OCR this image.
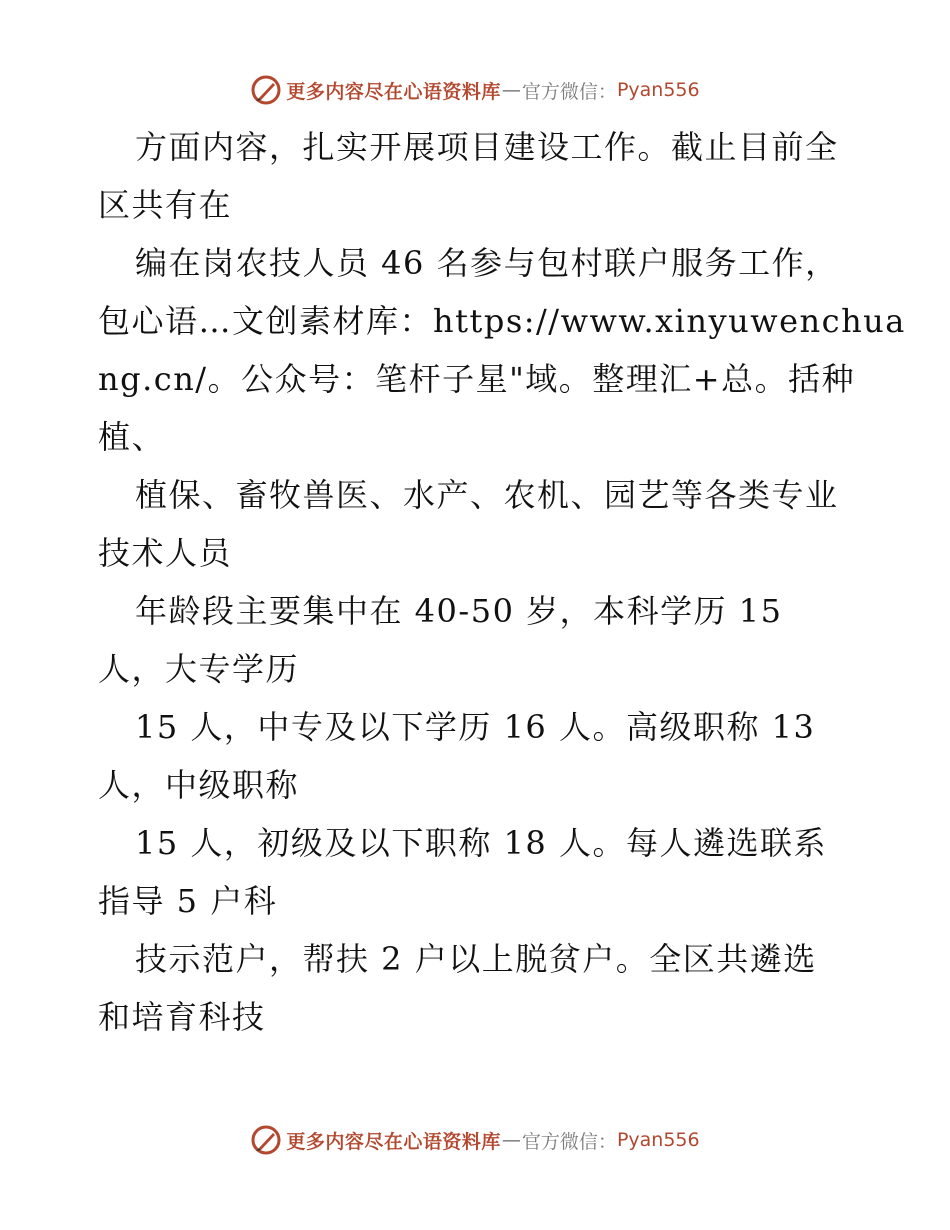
更多内容尽在心语资料库 — 官方微信： Pyan556
方面内容，扎实开展项目建设工作。截止目前全
区共有在
编在岗农技人员 46 名参与包村联户服务工作，
包心语…文创素材库：https://www.xinyuwenchua
ng.cn/。公众号：笔杆子星"域。整理汇+总。括种
植、
植保、畜牧兽医、水产、农机、园艺等各类专业
技术人员
年龄段主要集中在 40-50 岁，本科学历 15
人，大专学历
15 人，中专及以下学历 16 人。高级职称 13
人，中级职称
15 人，初级及以下职称 18 人。每人遴选联系
指导 5 户科
技示范户，帮扶 2 户以上脱贫户。全区共遴选
和培育科技
更多内容尽在心语资料库 — 官方微信： Pyan556
